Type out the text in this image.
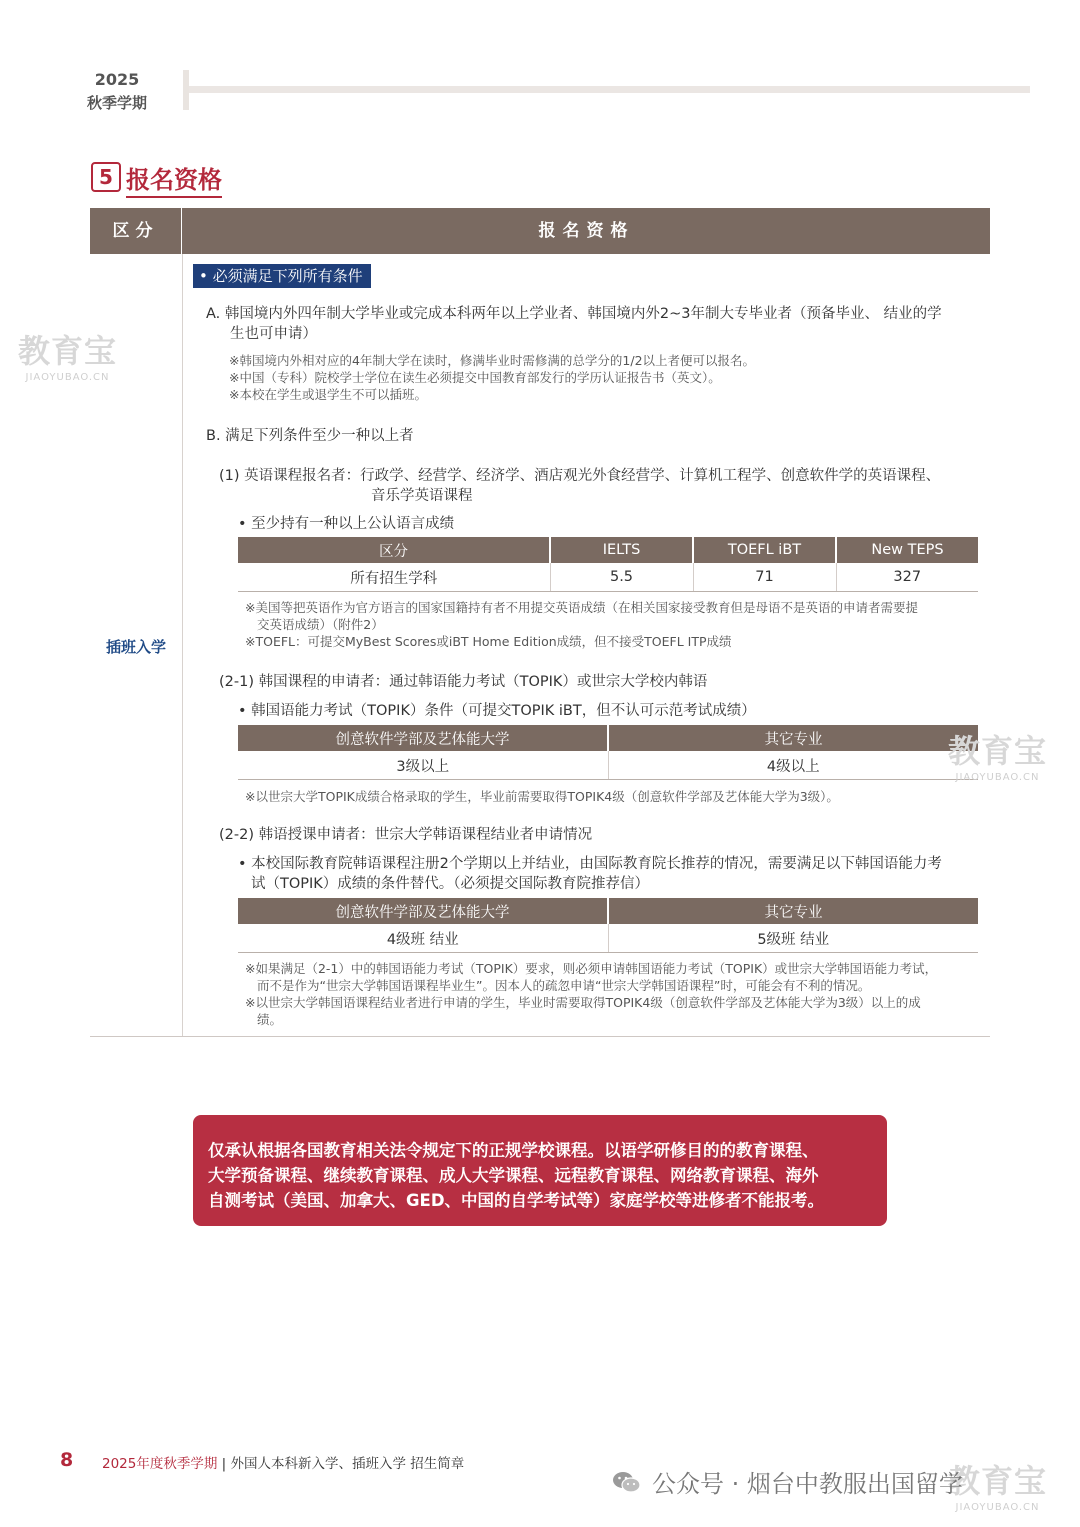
2025
秋季学期
5 报名资格
区分	报名资格
插班入学
• 必须满足下列所有条件
A. 韩国境内外四年制大学毕业或完成本科两年以上学业者、韩国境内外2~3年制大专毕业者（预备毕业、 结业的学
生也可申请）
※韩国境内外相对应的4年制大学在读时，修满毕业时需修满的总学分的1/2以上者便可以报名。
※中国（专科）院校学士学位在读生必须提交中国教育部发行的学历认证报告书（英文）。
※本校在学生或退学生不可以插班。
B. 满足下列条件至少一种以上者
(1) 英语课程报名者：行政学、经营学、经济学、酒店观光外食经营学、计算机工程学、创意软件学的英语课程、
音乐学英语课程
• 至少持有一种以上公认语言成绩
区分	IELTS	TOEFL iBT	New TEPS
所有招生学科	5.5	71	327
※美国等把英语作为官方语言的国家国籍持有者不用提交英语成绩（在相关国家接受教育但是母语不是英语的申请者需要提
交英语成绩）（附件2）
※TOEFL：可提交MyBest Scores或iBT Home Edition成绩，但不接受TOEFL ITP成绩
(2-1) 韩国课程的申请者：通过韩语能力考试（TOPIK）或世宗大学校内韩语
• 韩国语能力考试（TOPIK）条件（可提交TOPIK iBT，但不认可示范考试成绩）
创意软件学部及艺体能大学	其它专业
3级以上	4级以上
※以世宗大学TOPIK成绩合格录取的学生，毕业前需要取得TOPIK4级（创意软件学部及艺体能大学为3级）。
(2-2) 韩语授课申请者：世宗大学韩语课程结业者申请情况
• 本校国际教育院韩语课程注册2个学期以上并结业，由国际教育院长推荐的情况，需要满足以下韩国语能力考
试（TOPIK）成绩的条件替代。（必须提交国际教育院推荐信）
创意软件学部及艺体能大学	其它专业
4级班 结业	5级班 结业
※如果满足（2-1）中的韩国语能力考试（TOPIK）要求，则必须申请韩国语能力考试（TOPIK）或世宗大学韩国语能力考试，
而不是作为“世宗大学韩国语课程毕业生”。因本人的疏忽申请“世宗大学韩国语课程”时，可能会有不利的情况。
※以世宗大学韩国语课程结业者进行申请的学生，毕业时需要取得TOPIK4级（创意软件学部及艺体能大学为3级）以上的成
绩。
教育宝
JIAOYUBAO.CN
教育宝
JIAOYUBAO.CN
教育宝
JIAOYUBAO.CN
仅承认根据各国教育相关法令规定下的正规学校课程。以语学研修目的的教育课程、
大学预备课程、继续教育课程、成人大学课程、远程教育课程、网络教育课程、海外
自测考试（美国、加拿大、GED、中国的自学考试等）家庭学校等进修者不能报考。
8 2025年度秋季学期 | 外国人本科新入学、插班入学 招生简章
公众号 · 烟台中教服出国留学
